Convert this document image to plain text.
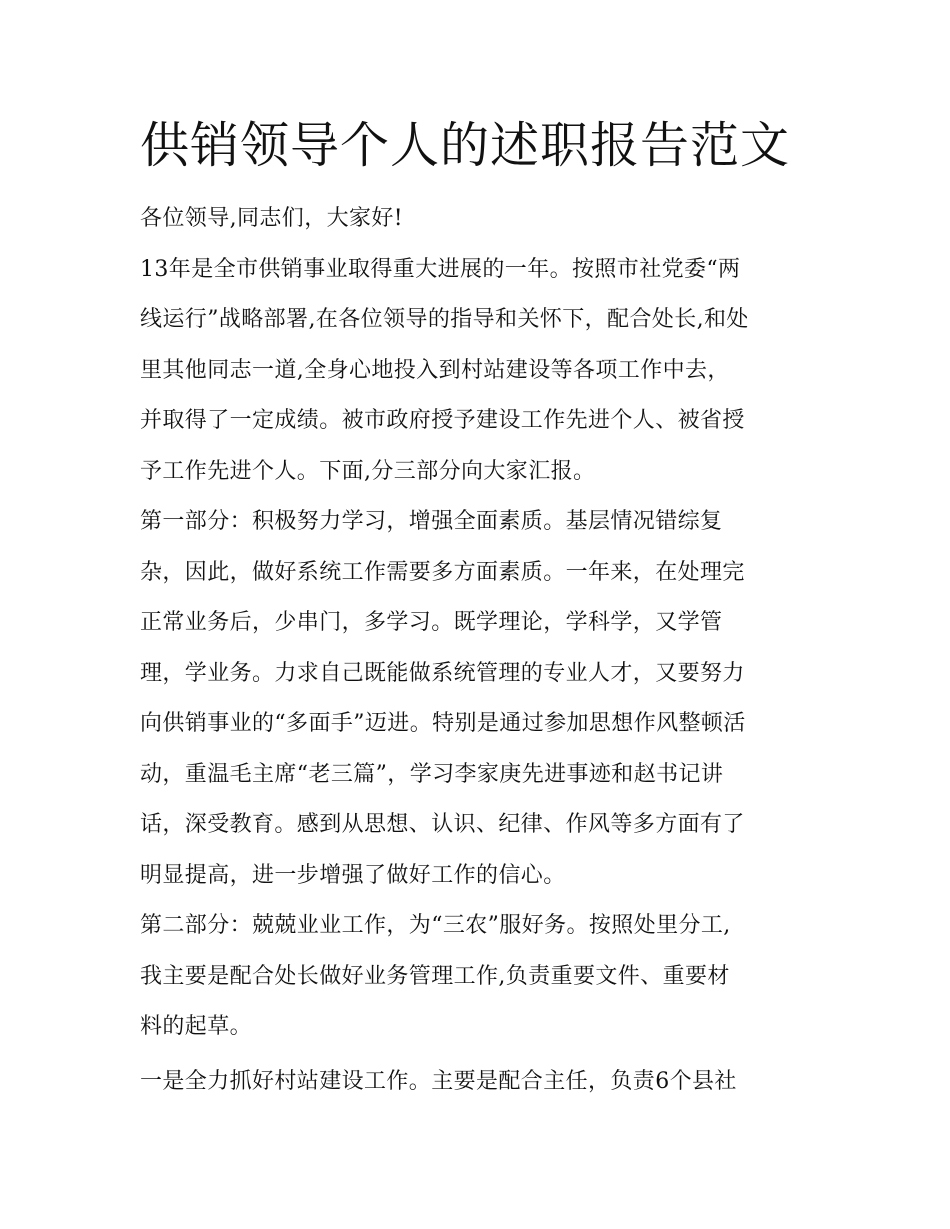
供销领导个人的述职报告范文
各位领导,同志们，大家好!
13年是全市供销事业取得重大进展的一年。按照市社党委“两
线运行”战略部署,在各位领导的指导和关怀下，配合处长,和处
里其他同志一道,全身心地投入到村站建设等各项工作中去，
并取得了一定成绩。被市政府授予建设工作先进个人、被省授
予工作先进个人。下面,分三部分向大家汇报。
第一部分：积极努力学习，增强全面素质。基层情况错综复
杂，因此，做好系统工作需要多方面素质。一年来，在处理完
正常业务后，少串门，多学习。既学理论，学科学，又学管
理，学业务。力求自己既能做系统管理的专业人才，又要努力
向供销事业的“多面手”迈进。特别是通过参加思想作风整顿活
动，重温毛主席“老三篇”，学习李家庚先进事迹和赵书记讲
话，深受教育。感到从思想、认识、纪律、作风等多方面有了
明显提高，进一步增强了做好工作的信心。
第二部分：兢兢业业工作，为“三农”服好务。按照处里分工,
我主要是配合处长做好业务管理工作,负责重要文件、重要材
料的起草。
一是全力抓好村站建设工作。主要是配合主任，负责6个县社
